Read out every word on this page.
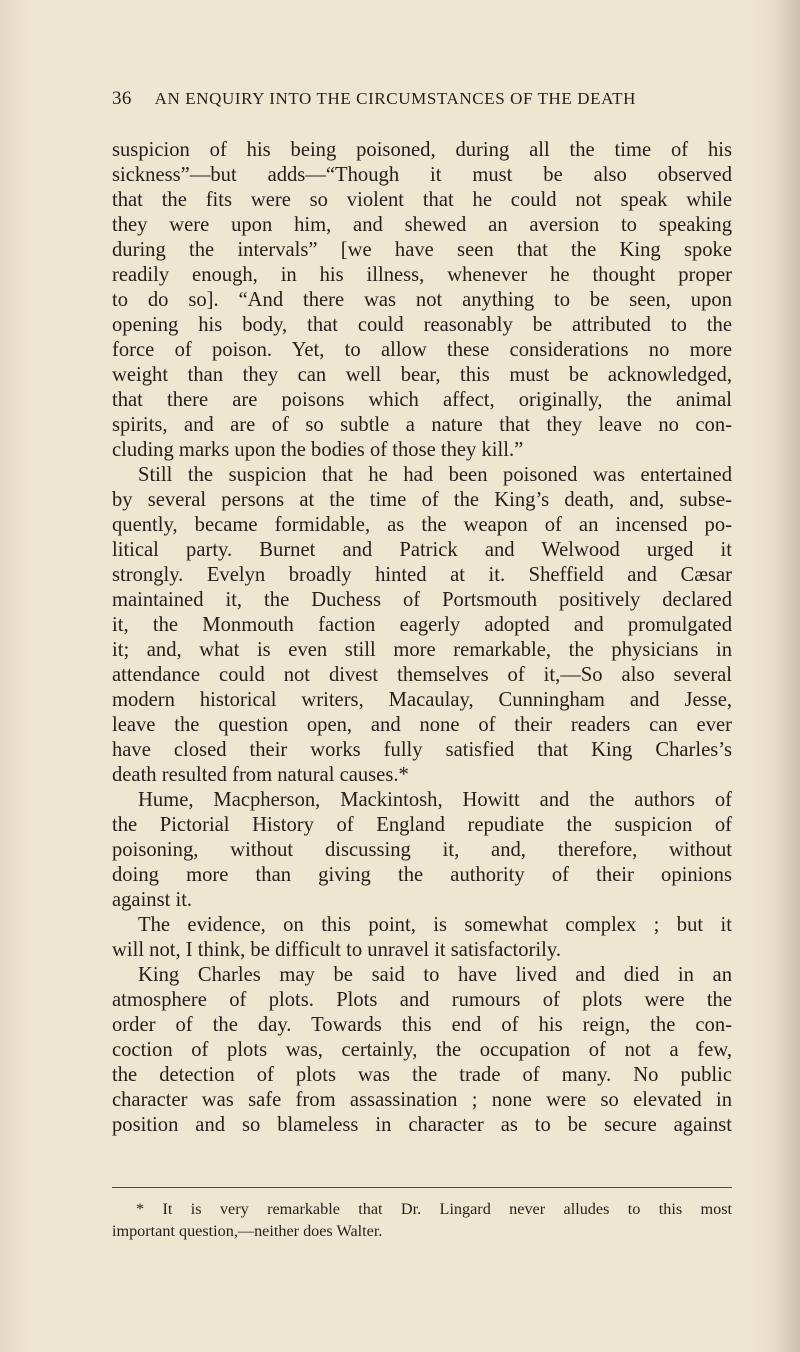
36 AN ENQUIRY INTO THE CIRCUMSTANCES OF THE DEATH
suspicion of his being poisoned, during all the time of his
sickness”—but adds—“Though it must be also observed
that the fits were so violent that he could not speak while
they were upon him, and shewed an aversion to speaking
during the intervals” [we have seen that the King spoke
readily enough, in his illness, whenever he thought proper
to do so]. “And there was not anything to be seen, upon
opening his body, that could reasonably be attributed to the
force of poison. Yet, to allow these considerations no more
weight than they can well bear, this must be acknowledged,
that there are poisons which affect, originally, the animal
spirits, and are of so subtle a nature that they leave no con-
cluding marks upon the bodies of those they kill.”
Still the suspicion that he had been poisoned was entertained
by several persons at the time of the King’s death, and, subse-
quently, became formidable, as the weapon of an incensed po-
litical party. Burnet and Patrick and Welwood urged it
strongly. Evelyn broadly hinted at it. Sheffield and Cæsar
maintained it, the Duchess of Portsmouth positively declared
it, the Monmouth faction eagerly adopted and promulgated
it; and, what is even still more remarkable, the physicians in
attendance could not divest themselves of it,—So also several
modern historical writers, Macaulay, Cunningham and Jesse,
leave the question open, and none of their readers can ever
have closed their works fully satisfied that King Charles’s
death resulted from natural causes.*
Hume, Macpherson, Mackintosh, Howitt and the authors of
the Pictorial History of England repudiate the suspicion of
poisoning, without discussing it, and, therefore, without
doing more than giving the authority of their opinions
against it.
The evidence, on this point, is somewhat complex ; but it
will not, I think, be difficult to unravel it satisfactorily.
King Charles may be said to have lived and died in an
atmosphere of plots. Plots and rumours of plots were the
order of the day. Towards this end of his reign, the con-
coction of plots was, certainly, the occupation of not a few,
the detection of plots was the trade of many. No public
character was safe from assassination ; none were so elevated in
position and so blameless in character as to be secure against
* It is very remarkable that Dr. Lingard never alludes to this most
important question,—neither does Walter.
